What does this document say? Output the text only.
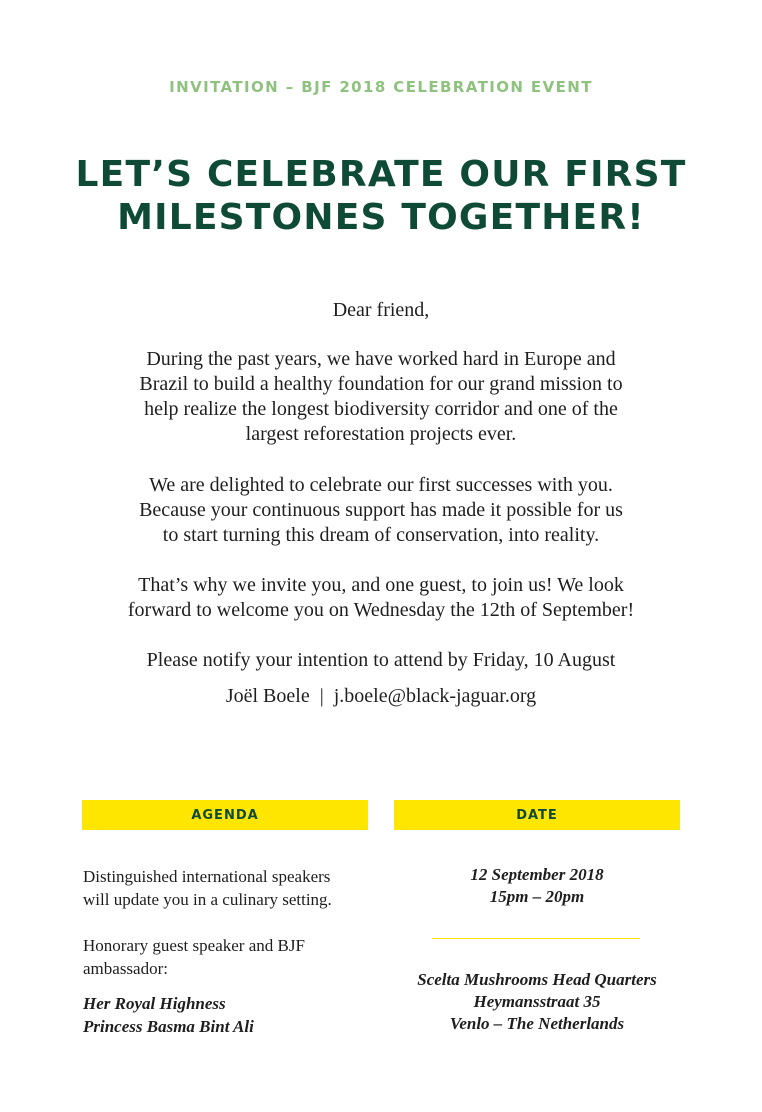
INVITATION – BJF 2018 CELEBRATION EVENT
LET’S CELEBRATE OUR FIRST
MILESTONES TOGETHER!
Dear friend,
During the past years, we have worked hard in Europe and
Brazil to build a healthy foundation for our grand mission to
help realize the longest biodiversity corridor and one of the
largest reforestation projects ever.
We are delighted to celebrate our first successes with you.
Because your continuous support has made it possible for us
to start turning this dream of conservation, into reality.
That’s why we invite you, and one guest, to join us! We look
forward to welcome you on Wednesday the 12th of September!
Please notify your intention to attend by Friday, 10 August
Joël Boele | j.boele@black-jaguar.org
AGENDA	DATE
Distinguished international speakers
will update you in a culinary setting.
Honorary guest speaker and BJF
ambassador:
Her Royal Highness
Princess Basma Bint Ali
12 September 2018
15pm – 20pm
Scelta Mushrooms Head Quarters
Heymansstraat 35
Venlo – The Netherlands
